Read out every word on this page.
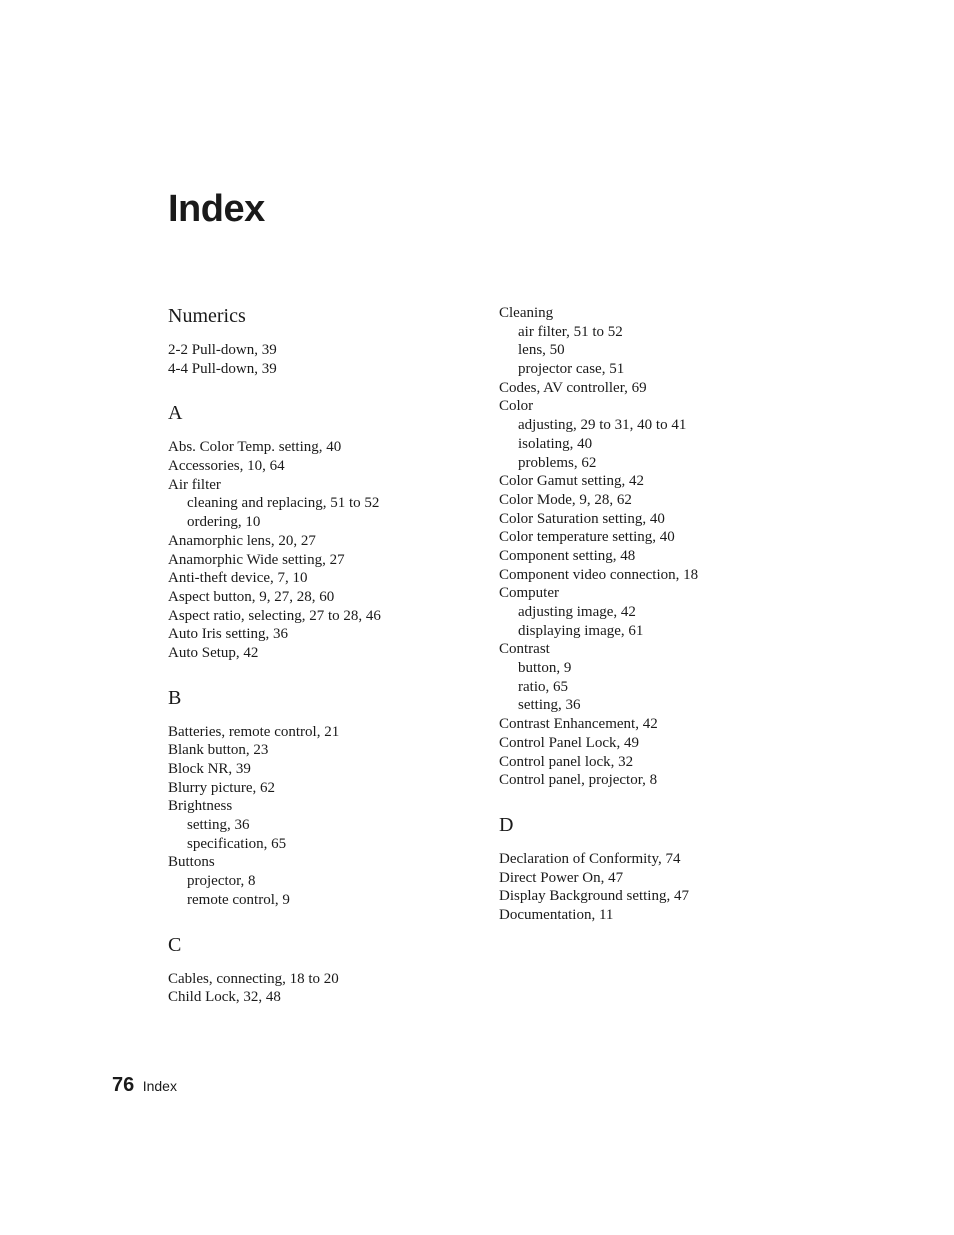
Index
Numerics
2-2 Pull-down, 39
4-4 Pull-down, 39
A
Abs. Color Temp. setting, 40
Accessories, 10, 64
Air filter
cleaning and replacing, 51 to 52
ordering, 10
Anamorphic lens, 20, 27
Anamorphic Wide setting, 27
Anti-theft device, 7, 10
Aspect button, 9, 27, 28, 60
Aspect ratio, selecting, 27 to 28, 46
Auto Iris setting, 36
Auto Setup, 42
B
Batteries, remote control, 21
Blank button, 23
Block NR, 39
Blurry picture, 62
Brightness
setting, 36
specification, 65
Buttons
projector, 8
remote control, 9
C
Cables, connecting, 18 to 20
Child Lock, 32, 48
Cleaning
air filter, 51 to 52
lens, 50
projector case, 51
Codes, AV controller, 69
Color
adjusting, 29 to 31, 40 to 41
isolating, 40
problems, 62
Color Gamut setting, 42
Color Mode, 9, 28, 62
Color Saturation setting, 40
Color temperature setting, 40
Component setting, 48
Component video connection, 18
Computer
adjusting image, 42
displaying image, 61
Contrast
button, 9
ratio, 65
setting, 36
Contrast Enhancement, 42
Control Panel Lock, 49
Control panel lock, 32
Control panel, projector, 8
D
Declaration of Conformity, 74
Direct Power On, 47
Display Background setting, 47
Documentation, 11
76 Index
